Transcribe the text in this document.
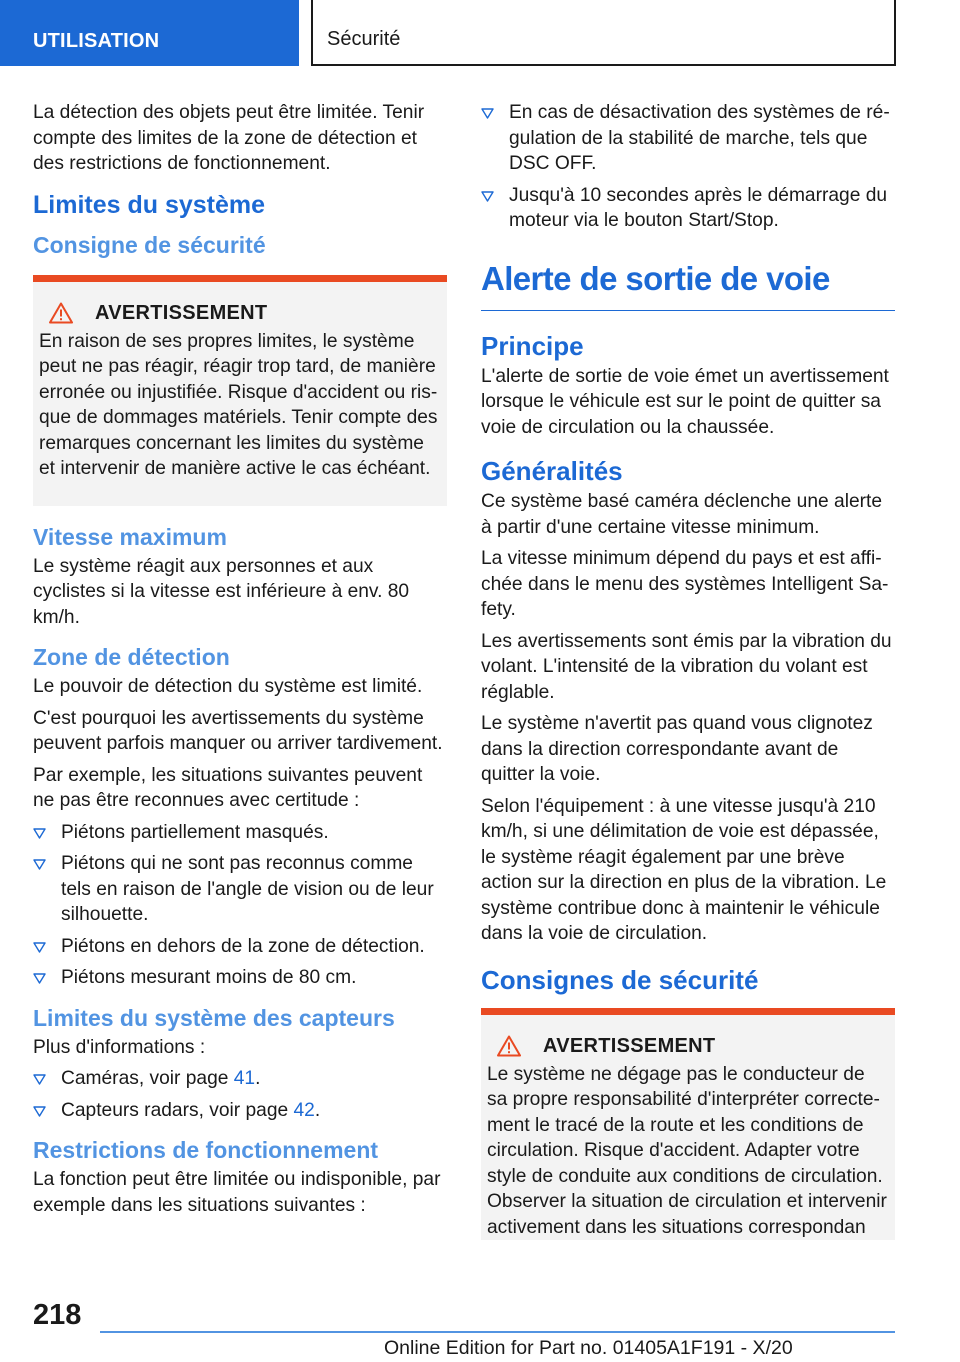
UTILISATION	Sécurité

La détection des objets peut être limitée. Tenir compte des limites de la zone de détection et des restrictions de fonctionnement.

Limites du système
Consigne de sécurité
AVERTISSEMENT

En raison de ses propres limites, le système peut ne pas réagir, réagir trop tard, de manière erronée ou injustifiée. Risque d'accident ou risque de dommages matériels. Tenir compte des remarques concernant les limites du système et intervenir de manière active le cas échéant.

Vitesse maximum

Le système réagit aux personnes et aux cyclistes si la vitesse est inférieure à env. 80 km/h.

Zone de détection

Le pouvoir de détection du système est limité.

C'est pourquoi les avertissements du système peuvent parfois manquer ou arriver tardivement.

Par exemple, les situations suivantes peuvent ne pas être reconnues avec certitude :

Piétons partiellement masqués.
Piétons qui ne sont pas reconnus comme tels en raison de l'angle de vision ou de leur silhouette.
Piétons en dehors de la zone de détection.
Piétons mesurant moins de 80 cm.
Limites du système des capteurs

Plus d'informations :

Caméras, voir page 41.
Capteurs radars, voir page 42.
Restrictions de fonctionnement

La fonction peut être limitée ou indisponible, par exemple dans les situations suivantes :

En cas de désactivation des systèmes de régulation de la stabilité de marche, tels que DSC OFF.
Jusqu'à 10 secondes après le démarrage du moteur via le bouton Start/Stop.
Alerte de sortie de voie
Principe

L'alerte de sortie de voie émet un avertissement lorsque le véhicule est sur le point de quitter sa voie de circulation ou la chaussée.

Généralités

Ce système basé caméra déclenche une alerte à partir d'une certaine vitesse minimum.

La vitesse minimum dépend du pays et est affichée dans le menu des systèmes Intelligent Safety.

Les avertissements sont émis par la vibration du volant. L'intensité de la vibration du volant est réglable.

Le système n'avertit pas quand vous clignotez dans la direction correspondante avant de quitter la voie.

Selon l'équipement : à une vitesse jusqu'à 210 km/h, si une délimitation de voie est dépassée, le système réagit également par une brève action sur la direction en plus de la vibration. Le système contribue donc à maintenir le véhicule dans la voie de circulation.

Consignes de sécurité
AVERTISSEMENT

Le système ne dégage pas le conducteur de sa propre responsabilité d'interpréter correctement le tracé de la route et les conditions de circulation. Risque d'accident. Adapter votre style de conduite aux conditions de circulation. Observer la situation de circulation et intervenir activement dans les situations correspondan

218
Online Edition for Part no. 01405A1F191 - X/20
